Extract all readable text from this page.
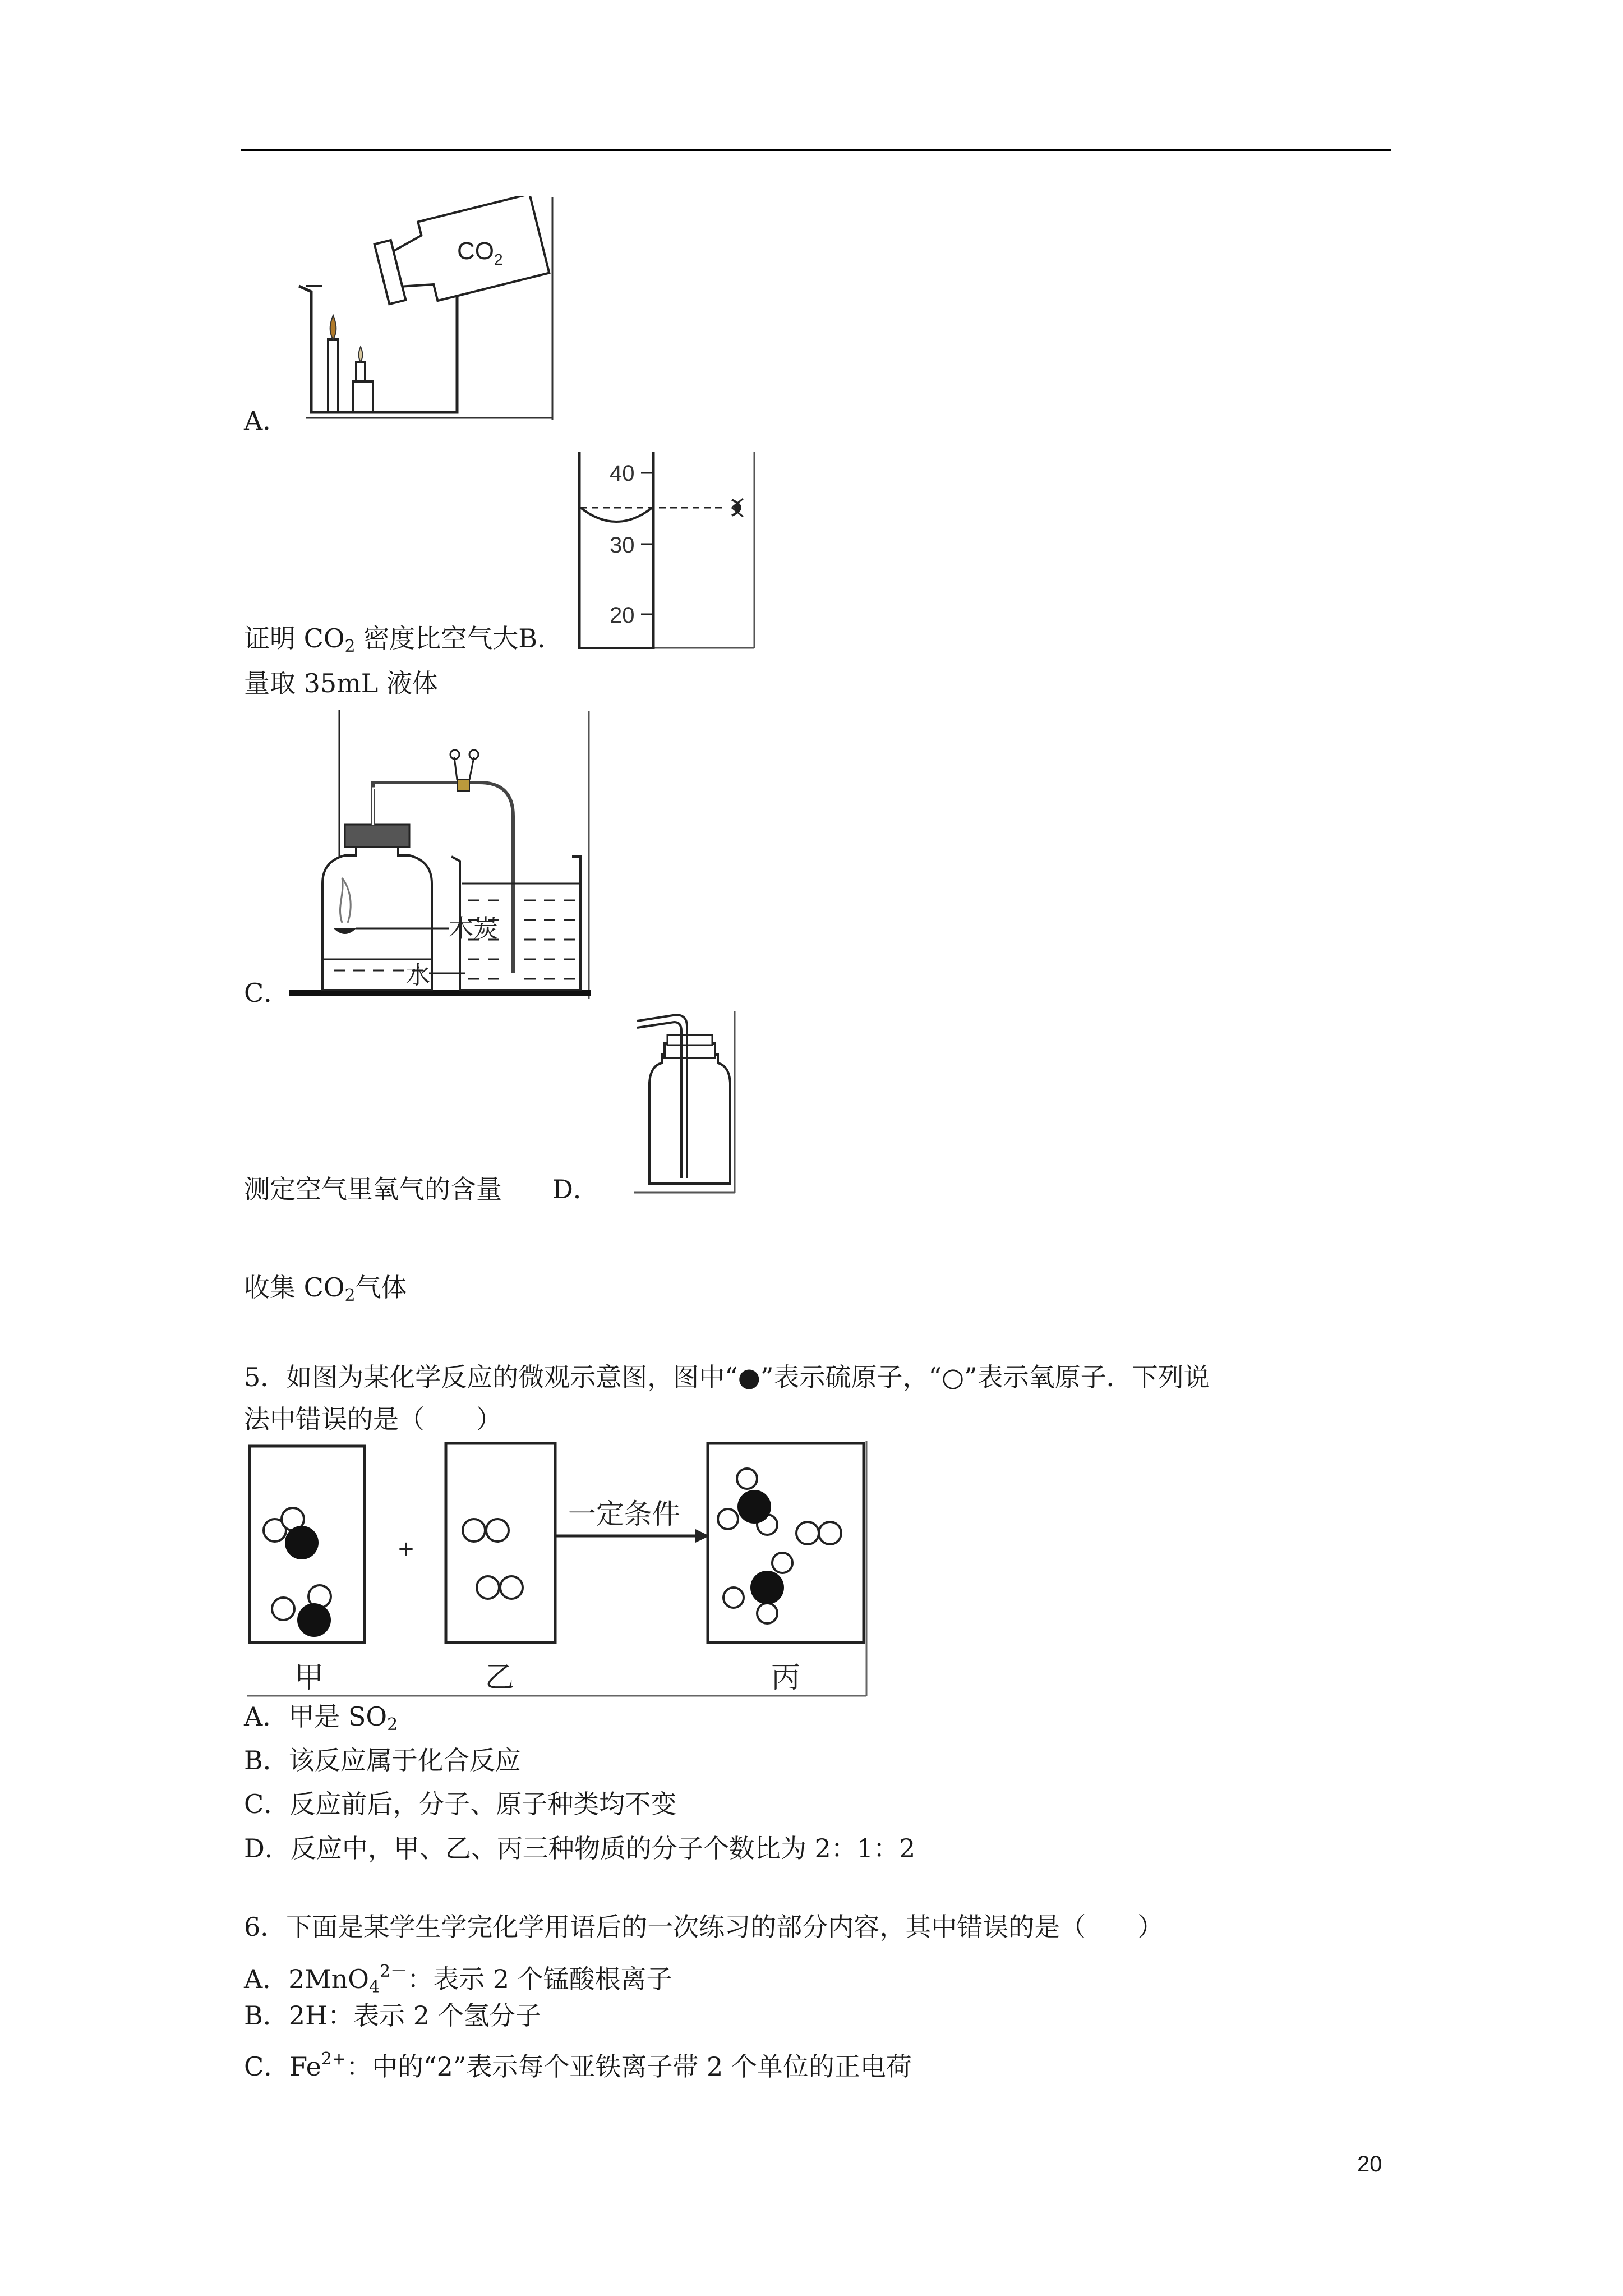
$CO_2$
A．
证明 $CO_2$ 密度比空气大B．
40
30
20
量取 35mL 液体
木炭
水
C．
测定空气里氧气的含量 D．
收集 $CO_2$气体
5．如图为某化学反应的微观示意图，图中“●”表示硫原子，“○”表示氧原子．下列说
法中错误的是（　　）
+
一定条件
甲	乙	丙
A．甲是 $SO_2$
B．该反应属于化合反应
C．反应前后，分子、原子种类均不变
D．反应中，甲、乙、丙三种物质的分子个数比为 2：1：2
6．下面是某学生学完化学用语后的一次练习的部分内容，其中错误的是（　　）
A．2MnO$_4^{2-}$：表示 2 个锰酸根离子
B．2H：表示 2 个氢分子
C．$Fe^{2+}$：中的“2”表示每个亚铁离子带 2 个单位的正电荷
20
